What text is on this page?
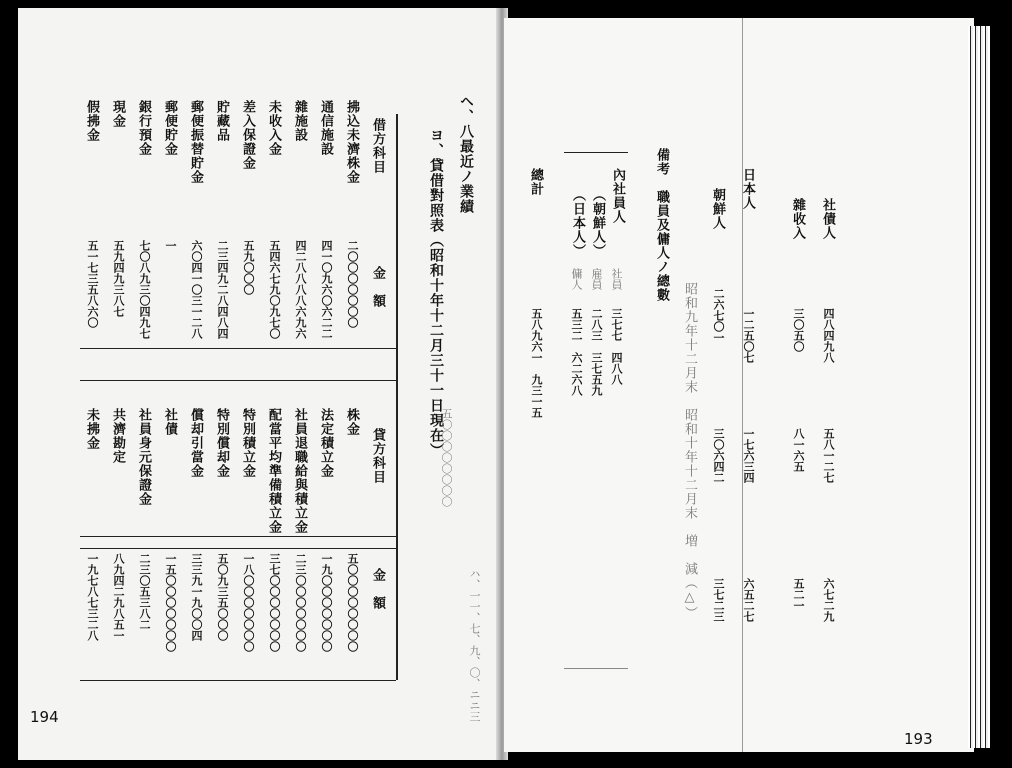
ヘ、八最近ノ業績
ヨ、貸借對照表（昭和十年十二月三十一日現在）
ハ、一一、七、九、〇、ニニ三
五〇〇〇〇〇〇〇〇
借方科目
金　額
貸方科目
金　額
拂込未濟株金
二〇〇〇〇〇〇〇
通信施設
四一〇九六〇六二二
雜施設
四二八八八八六九六
未收入金
五四六七九〇九七〇
差入保證金
五九〇〇〇
貯藏品
二三四九二八四八四
郵便振替貯金
六〇四一〇三一二八
郵便貯金
一
銀行預金
七〇八九三〇四九七
現金
五九四九三八七
假拂金
五一七三五八六〇
株金
五〇〇〇〇〇〇〇〇
法定積立金
一九〇〇〇〇〇〇〇
社員退職給與積立金
二三〇〇〇〇〇〇〇
配當平均準備積立金
三七〇〇〇〇〇〇〇
特別積立金
一八〇〇〇〇〇〇〇
特別償却金
五〇九三五〇〇〇
償却引當金
三三九一九〇〇四
社債
一五〇〇〇〇〇〇〇
社員身元保證金
二三〇五三八二
共濟勘定
八九四二九八五一
未拂金
一九七八七三二八
194
社債人
四八四九八
五八一二七
六七二九
雜收入
三〇五〇
八一六五
五二一
日本人
一二五〇七
一七六三四
六五二七
朝鮮人
二六七〇一
三〇六四二
三七二三
昭和九年十二月末　昭和十年十二月末　増　減（△）
備考　職員及傭人ノ總數
內社員人
（朝鮮人）
（日本人）
三七七　四八八
社員
二八三　三七五九
雇員
五三二　六二六八
傭人
總計
五八九六一　九三一五
193
